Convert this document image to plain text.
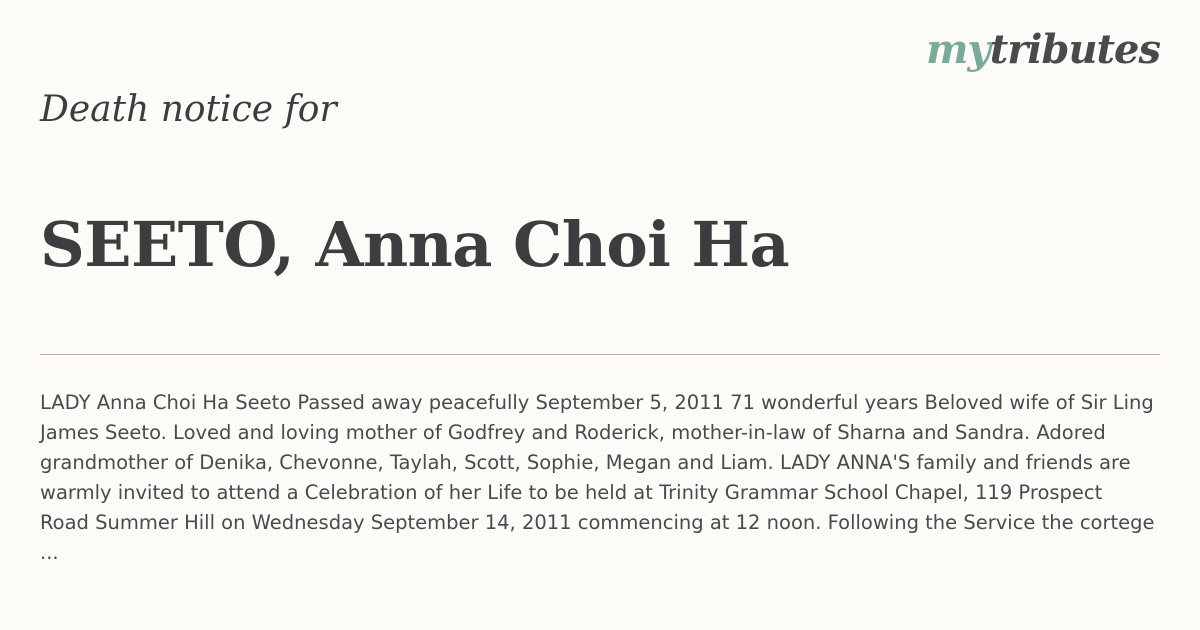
mytributes
Death notice for
SEETO, Anna Choi Ha

LADY Anna Choi Ha Seeto Passed away peacefully September 5, 2011 71 wonderful years Beloved wife of Sir Ling
James Seeto. Loved and loving mother of Godfrey and Roderick, mother-in-law of Sharna and Sandra. Adored
grandmother of Denika, Chevonne, Taylah, Scott, Sophie, Megan and Liam. LADY ANNA'S family and friends are
warmly invited to attend a Celebration of her Life to be held at Trinity Grammar School Chapel, 119 Prospect
Road Summer Hill on Wednesday September 14, 2011 commencing at 12 noon. Following the Service the cortege
...
